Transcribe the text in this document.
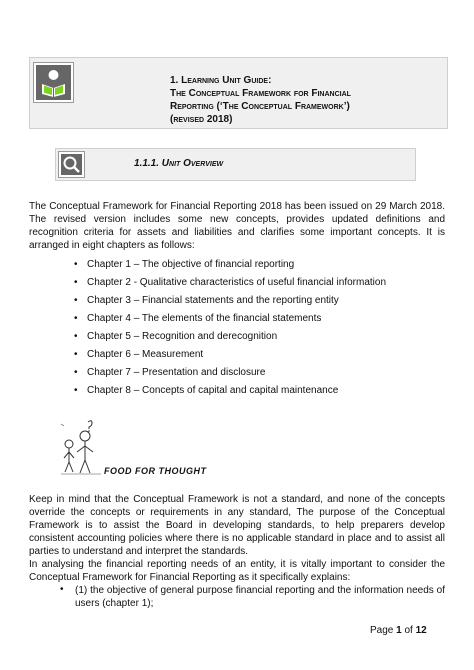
1. Learning Unit Guide:
The Conceptual Framework for Financial
Reporting (‘The Conceptual Framework’)
(revised 2018)
1.1.1. Unit Overview

The Conceptual Framework for Financial Reporting 2018 has been issued on 29 March 2018. The revised version includes some new concepts, provides updated definitions and recognition criteria for assets and liabilities and clarifies some important concepts. It is arranged in eight chapters as follows:

• Chapter 1 – The objective of financial reporting
• Chapter 2 - Qualitative characteristics of useful financial information
• Chapter 3 – Financial statements and the reporting entity
• Chapter 4 – The elements of the financial statements
• Chapter 5 – Recognition and derecognition
• Chapter 6 – Measurement
• Chapter 7 – Presentation and disclosure
• Chapter 8 – Concepts of capital and capital maintenance
FOOD FOR THOUGHT

Keep in mind that the Conceptual Framework is not a standard, and none of the concepts override the concepts or requirements in any standard, The purpose of the Conceptual Framework is to assist the Board in developing standards, to help preparers develop consistent accounting policies where there is no applicable standard in place and to assist all parties to understand and interpret the standards.

In analysing the financial reporting needs of an entity, it is vitally important to consider the Conceptual Framework for Financial Reporting as it specifically explains:

• (1) the objective of general purpose financial reporting and the information needs of users (chapter 1);
Page 1 of 12
